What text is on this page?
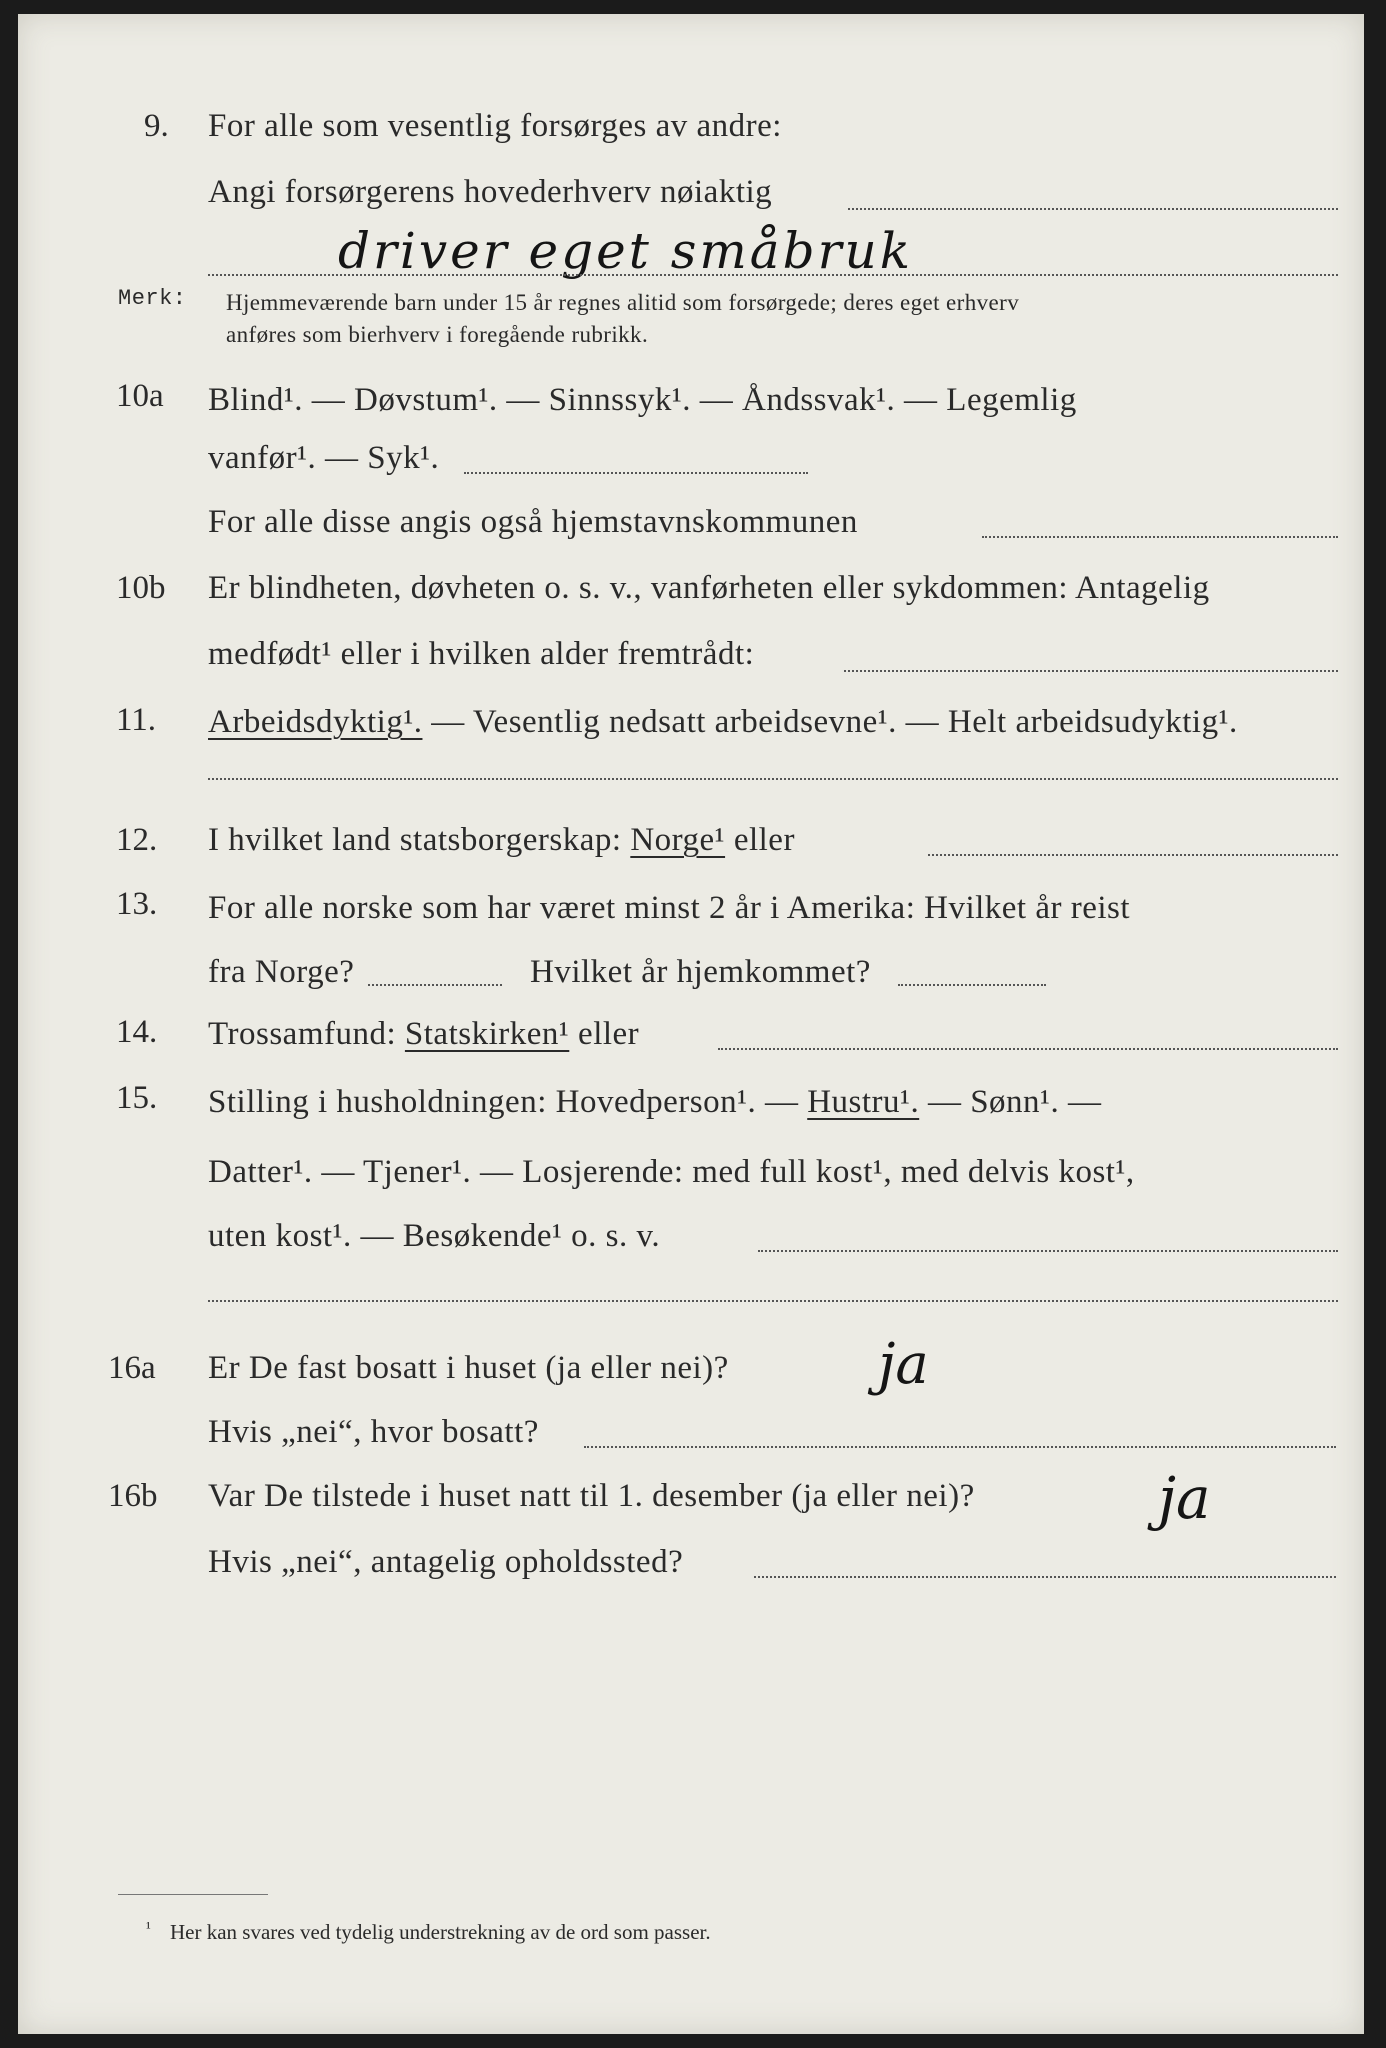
9. For alle som vesentlig forsørges av andre:
Angi forsørgerens hovederhverv nøiaktig
driver eget småbruk
Merk: Hjemmeværende barn under 15 år regnes alitid som forsørgede; deres eget erhverv
anføres som bierhverv i foregående rubrikk.
10a Blind¹. — Døvstum¹. — Sinnssyk¹. — Åndssvak¹. — Legemlig
vanfør¹. — Syk¹.
For alle disse angis også hjemstavnskommunen
10b Er blindheten, døvheten o. s. v., vanførheten eller sykdommen: Antagelig
medfødt¹ eller i hvilken alder fremtrådt:
11. Arbeidsdyktig¹. — Vesentlig nedsatt arbeidsevne¹. — Helt arbeidsudyktig¹.
12. I hvilket land statsborgerskap: Norge¹ eller
13. For alle norske som har været minst 2 år i Amerika: Hvilket år reist
fra Norge?	Hvilket år hjemkommet?
14. Trossamfund: Statskirken¹ eller
15. Stilling i husholdningen: Hovedperson¹. — Hustru¹. — Sønn¹. —
Datter¹. — Tjener¹. — Losjerende: med full kost¹, med delvis kost¹,
uten kost¹. — Besøkende¹ o. s. v.
16a Er De fast bosatt i huset (ja eller nei)?	ja
Hvis „nei“, hvor bosatt?
16b Var De tilstede i huset natt til 1. desember (ja eller nei)?	ja
Hvis „nei“, antagelig opholdssted?
¹ Her kan svares ved tydelig understrekning av de ord som passer.
